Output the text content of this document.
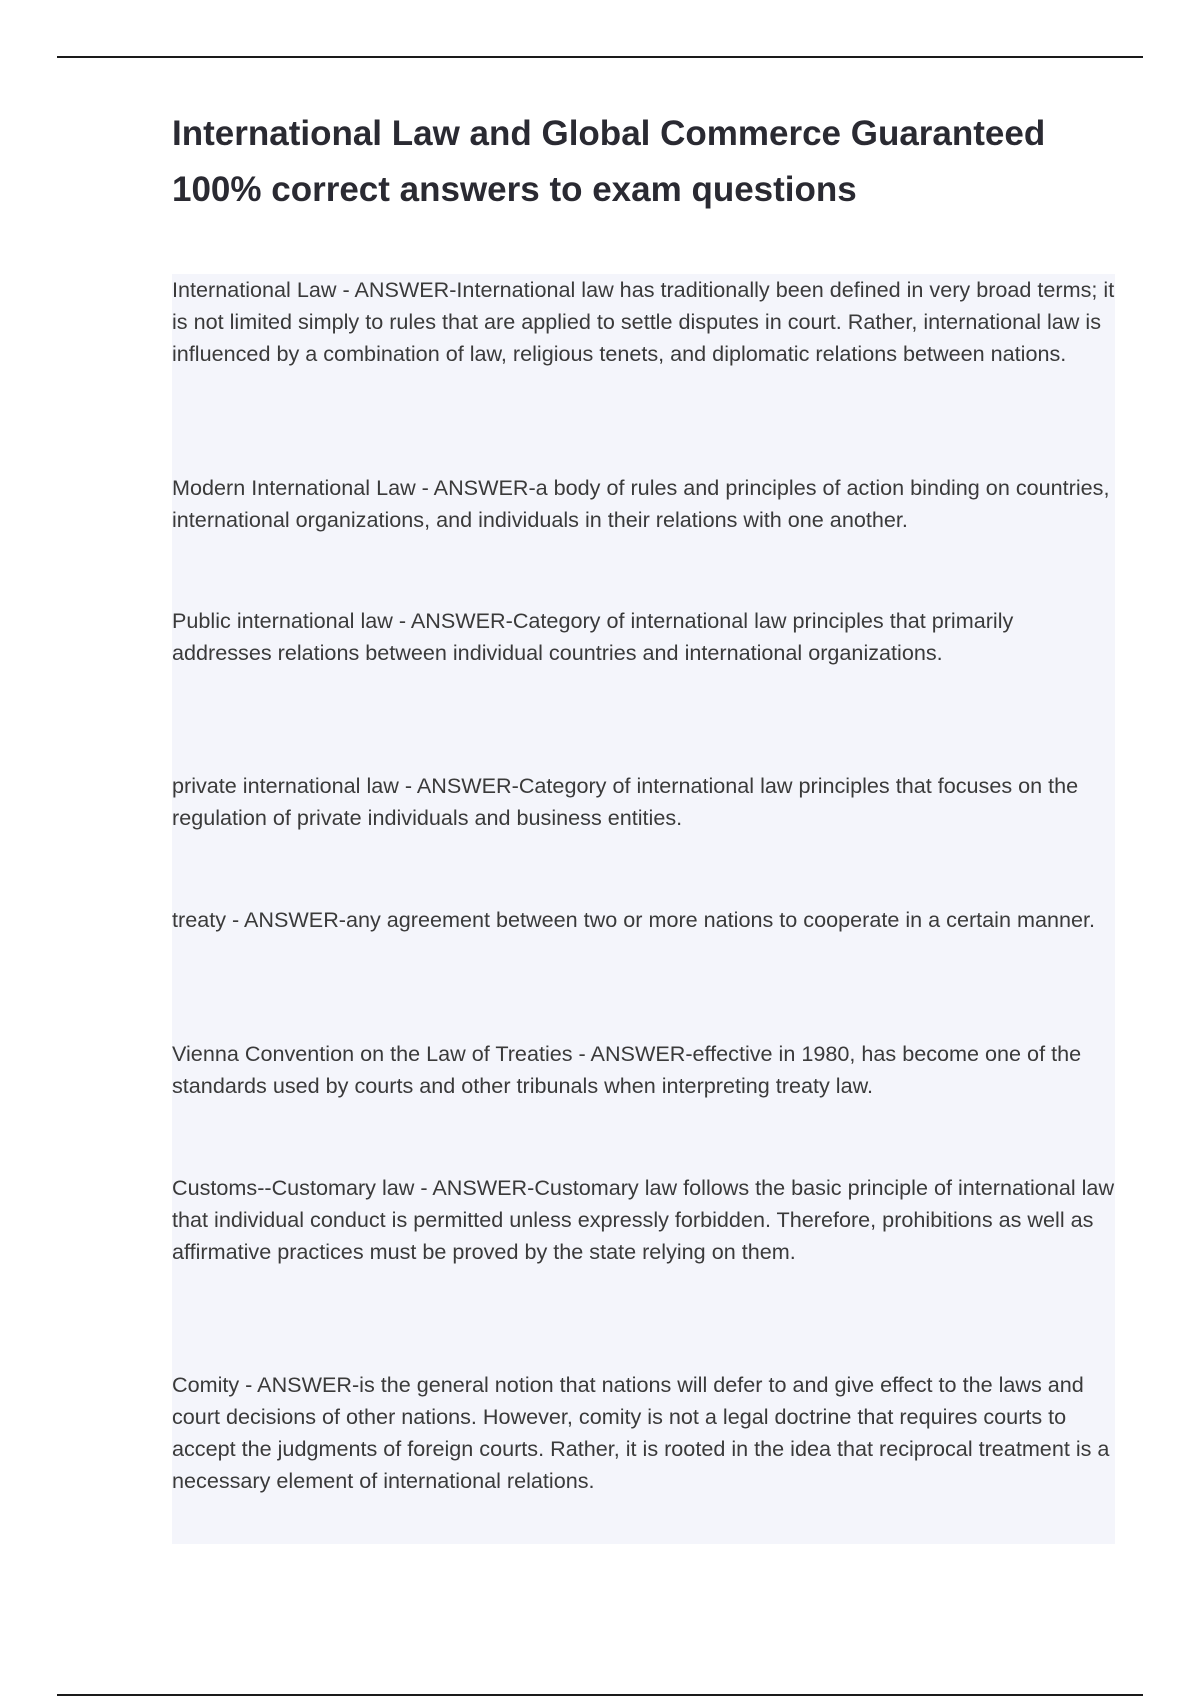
International Law and Global Commerce Guaranteed 100% correct answers to exam questions

International Law - ANSWER-International law has traditionally been defined in very broad terms; it is not limited simply to rules that are applied to settle disputes in court. Rather, international law is influenced by a combination of law, religious tenets, and diplomatic relations between nations.

Modern International Law - ANSWER-a body of rules and principles of action binding on countries, international organizations, and individuals in their relations with one another.

Public international law - ANSWER-Category of international law principles that primarily addresses relations between individual countries and international organizations.

private international law - ANSWER-Category of international law principles that focuses on the regulation of private individuals and business entities.

treaty - ANSWER-any agreement between two or more nations to cooperate in a certain manner.

Vienna Convention on the Law of Treaties - ANSWER-effective in 1980, has become one of the standards used by courts and other tribunals when interpreting treaty law.

Customs--Customary law - ANSWER-Customary law follows the basic principle of international law that individual conduct is permitted unless expressly forbidden. Therefore, prohibitions as well as affirmative practices must be proved by the state relying on them.

Comity - ANSWER-is the general notion that nations will defer to and give effect to the laws and court decisions of other nations. However, comity is not a legal doctrine that requires courts to accept the judgments of foreign courts. Rather, it is rooted in the idea that reciprocal treatment is a necessary element of international relations.
